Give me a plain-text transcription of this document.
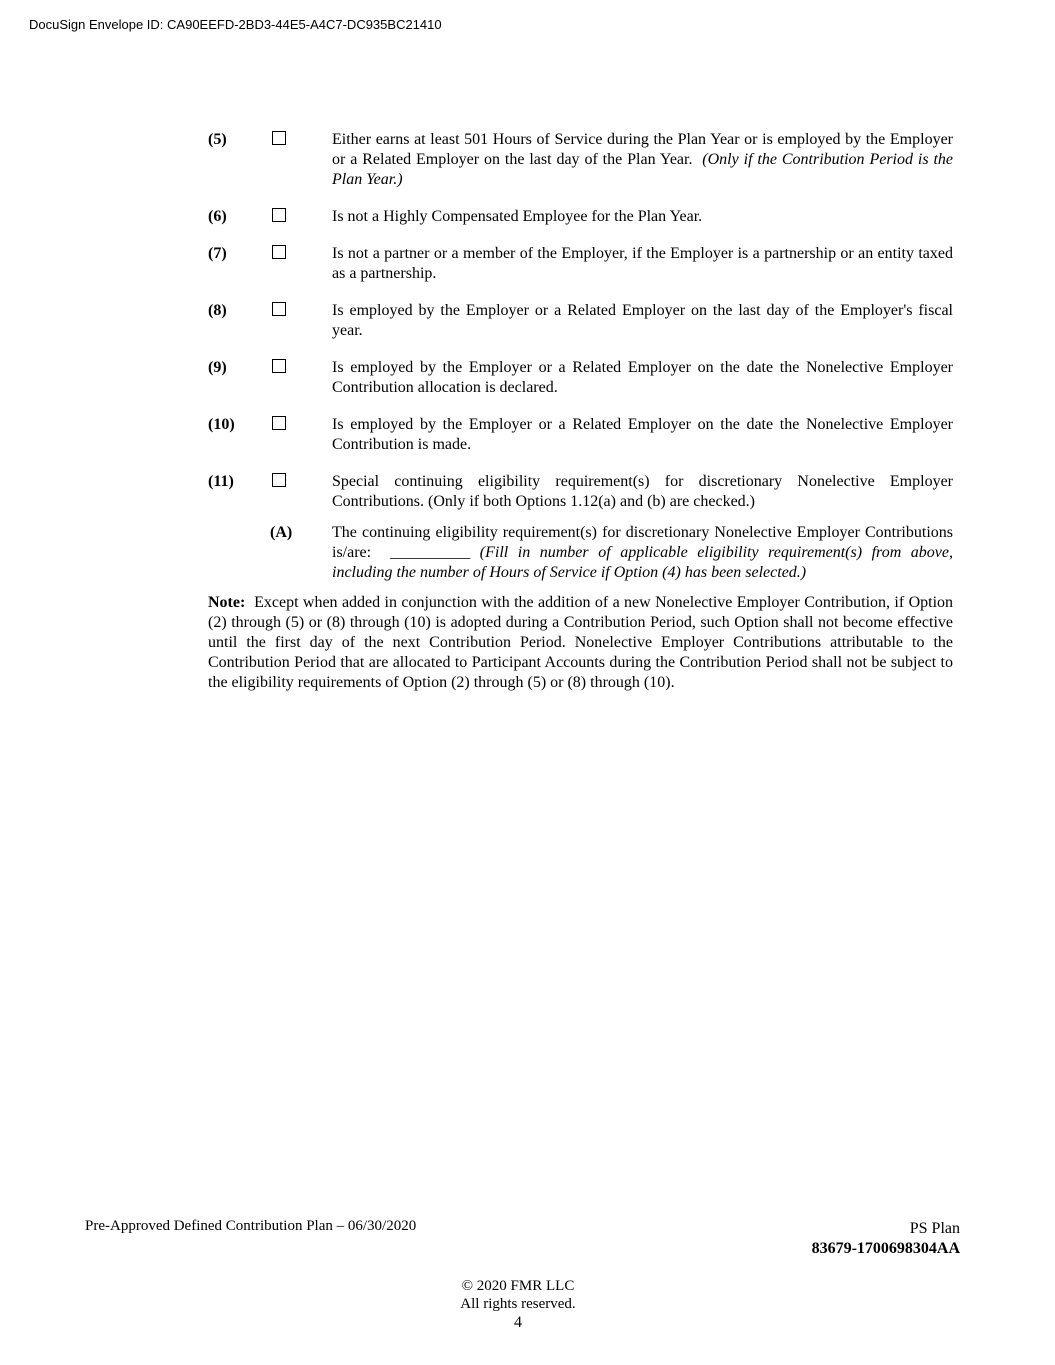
DocuSign Envelope ID: CA90EEFD-2BD3-44E5-A4C7-DC935BC21410
(5)	Either earns at least 501 Hours of Service during the Plan Year or is employed by the Employer or a Related Employer on the last day of the Plan Year. (Only if the Contribution Period is the Plan Year.)
(6)	Is not a Highly Compensated Employee for the Plan Year.
(7)	Is not a partner or a member of the Employer, if the Employer is a partnership or an entity taxed as a partnership.
(8)	Is employed by the Employer or a Related Employer on the last day of the Employer's fiscal year.
(9)	Is employed by the Employer or a Related Employer on the date the Nonelective Employer Contribution allocation is declared.
(10)	Is employed by the Employer or a Related Employer on the date the Nonelective Employer Contribution is made.
(11)	Special continuing eligibility requirement(s) for discretionary Nonelective Employer Contributions. (Only if both Options 1.12(a) and (b) are checked.)
(A) The continuing eligibility requirement(s) for discretionary Nonelective Employer Contributions is/are: __________ (Fill in number of applicable eligibility requirement(s) from above, including the number of Hours of Service if Option (4) has been selected.)
Note: Except when added in conjunction with the addition of a new Nonelective Employer Contribution, if Option (2) through (5) or (8) through (10) is adopted during a Contribution Period, such Option shall not become effective until the first day of the next Contribution Period. Nonelective Employer Contributions attributable to the Contribution Period that are allocated to Participant Accounts during the Contribution Period shall not be subject to the eligibility requirements of Option (2) through (5) or (8) through (10).
Pre-Approved Defined Contribution Plan – 06/30/2020	PS Plan
83679-1700698304AA
© 2020 FMR LLC
All rights reserved.
4
